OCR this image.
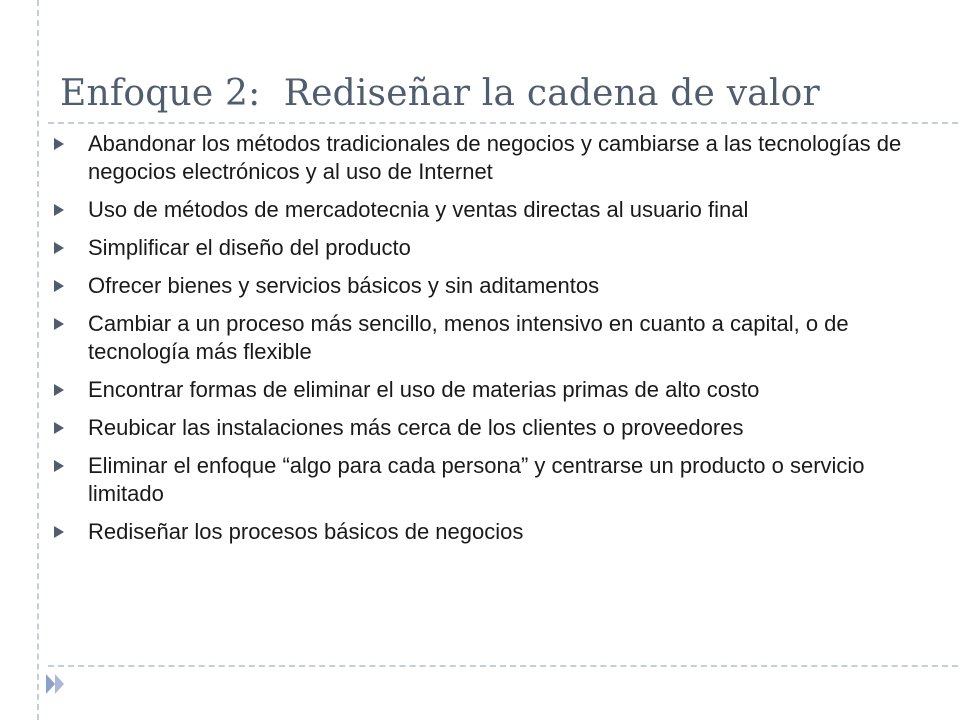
Enfoque 2:  Rediseñar la cadena de valor
Abandonar los métodos tradicionales de negocios y cambiarse a las tecnologías de negocios electrónicos y al uso de Internet
Uso de métodos de mercadotecnia y ventas directas al usuario final
Simplificar el diseño del producto
Ofrecer bienes y servicios básicos y sin aditamentos
Cambiar a un proceso más sencillo, menos intensivo en cuanto a capital, o de tecnología más flexible
Encontrar formas de eliminar el uso de materias primas de alto costo
Reubicar las instalaciones más cerca de los clientes o proveedores
Eliminar el enfoque “algo para cada persona” y centrarse un producto o servicio limitado
Rediseñar los procesos básicos de negocios
